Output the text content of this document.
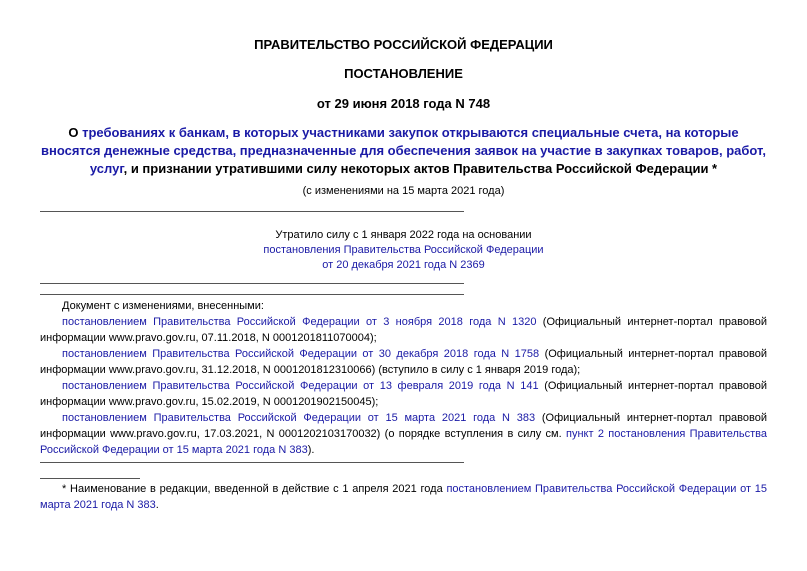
ПРАВИТЕЛЬСТВО РОССИЙСКОЙ ФЕДЕРАЦИИ
ПОСТАНОВЛЕНИЕ
от 29 июня 2018 года N 748
О требованиях к банкам, в которых участниками закупок открываются специальные счета, на которые вносятся денежные средства, предназначенные для обеспечения заявок на участие в закупках товаров, работ, услуг, и признании утратившими силу некоторых актов Правительства Российской Федерации *
(с изменениями на 15 марта 2021 года)
Утратило силу с 1 января 2022 года на основании
постановления Правительства Российской Федерации
от 20 декабря 2021 года N 2369
Документ с изменениями, внесенными:
постановлением Правительства Российской Федерации от 3 ноября 2018 года N 1320 (Официальный интернет-портал правовой информации www.pravo.gov.ru, 07.11.2018, N 0001201811070004);
постановлением Правительства Российской Федерации от 30 декабря 2018 года N 1758 (Официальный интернет-портал правовой информации www.pravo.gov.ru, 31.12.2018, N 0001201812310066) (вступило в силу с 1 января 2019 года);
постановлением Правительства Российской Федерации от 13 февраля 2019 года N 141 (Официальный интернет-портал правовой информации www.pravo.gov.ru, 15.02.2019, N 0001201902150045);
постановлением Правительства Российской Федерации от 15 марта 2021 года N 383 (Официальный интернет-портал правовой информации www.pravo.gov.ru, 17.03.2021, N 0001202103170032) (о порядке вступления в силу см. пункт 2 постановления Правительства Российской Федерации от 15 марта 2021 года N 383).
* Наименование в редакции, введенной в действие с 1 апреля 2021 года постановлением Правительства Российской Федерации от 15 марта 2021 года N 383.
